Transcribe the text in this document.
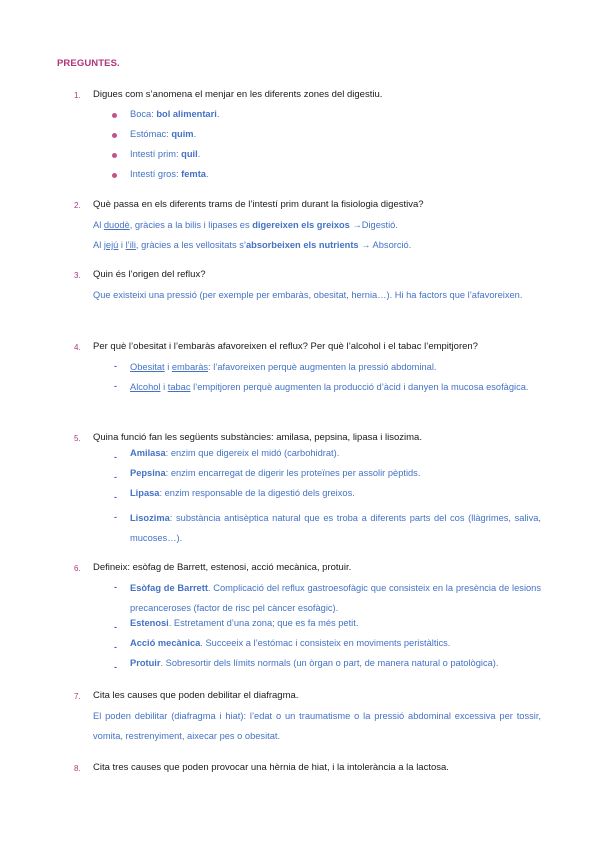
PREGUNTES.
1. Digues com s’anomena el menjar en les diferents zones del digestiu.
Boca: bol alimentari.
Estómac: quim.
Intestí prim: quil.
Intestí gros: femta.
2. Què passa en els diferents trams de l’intestí prim durant la fisiologia digestiva?
Al duodè, gràcies a la bilis i lipases es digereixen els greixos →Digestió.
Al jejú i l’ili, gràcies a les vellositats s’absorbeixen els nutrients → Absorció.
3. Quin és l’origen del reflux?
Que existeixi una pressió (per exemple per embaràs, obesitat, hernia…). Hi ha factors que l’afavoreixen.
4. Per què l’obesitat i l’embaràs afavoreixen el reflux? Per què l’alcohol i el tabac l’empitjoren?
- Obesitat i embaràs: l’afavoreixen perquè augmenten la pressió abdominal.
- Alcohol i tabac l’empitjoren perquè augmenten la producció d’àcid i danyen la mucosa esofàgica.
5. Quina funció fan les següents substàncies: amilasa, pepsina, lipasa i lisozima.
- Amilasa: enzim que digereix el midó (carbohidrat).
- Pepsina: enzim encarregat de digerir les proteïnes per assolir pèptids.
- Lipasa: enzim responsable de la digestió dels greixos.
- Lisozima: substància antisèptica natural que es troba a diferents parts del cos (llàgrimes, saliva, mucoses…).
6. Defineix: esòfag de Barrett, estenosi, acció mecànica, protuir.
- Esòfag de Barrett. Complicació del reflux gastroesofàgic que consisteix en la presència de lesions precanceroses (factor de risc pel càncer esofàgic).
- Estenosi. Estretament d’una zona; que es fa més petit.
- Acció mecànica. Succeeix a l’estómac i consisteix en moviments peristàltics.
- Protuir. Sobresortir dels límits normals (un òrgan o part, de manera natural o patològica).
7. Cita les causes que poden debilitar el diafragma.
El poden debilitar (diafragma i hiat): l’edat o un traumatisme o la pressió abdominal excessiva per tossir, vomita, restrenyiment, aixecar pes o obesitat.
8. Cita tres causes que poden provocar una hèrnia de hiat, i la intolerància a la lactosa.
